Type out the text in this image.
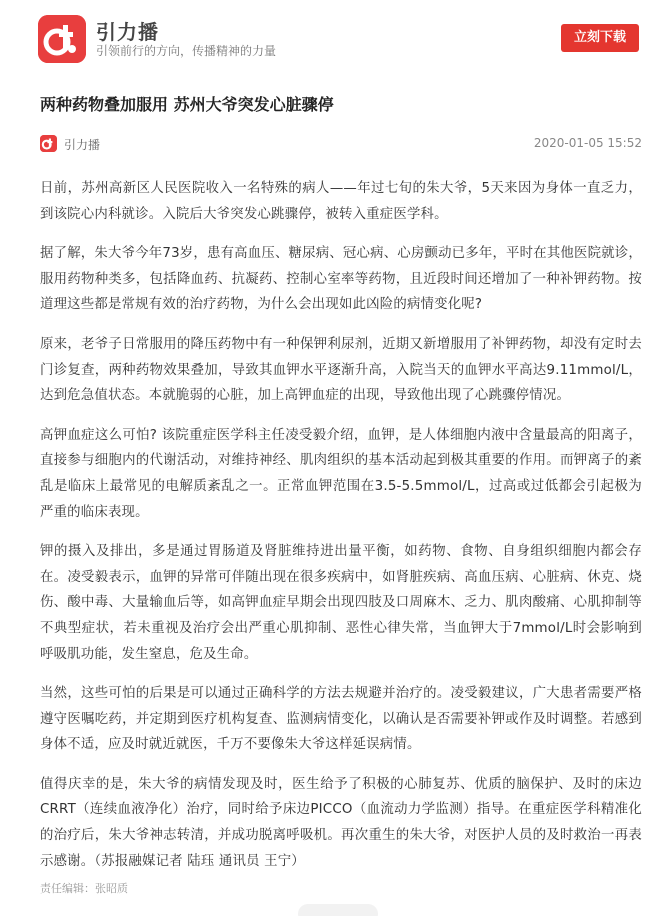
引力播
引领前行的方向，传播精神的力量
立刻下载
两种药物叠加服用 苏州大爷突发心脏骤停
引力播	2020-01-05 15:52

日前，苏州高新区人民医院收入一名特殊的病人——年过七旬的朱大爷，5天来因为身体一直乏力，到该院心内科就诊。入院后大爷突发心跳骤停，被转入重症医学科。

据了解，朱大爷今年73岁，患有高血压、糖尿病、冠心病、心房颤动已多年，平时在其他医院就诊，服用药物种类多，包括降血药、抗凝药、控制心室率等药物，且近段时间还增加了一种补钾药物。按道理这些都是常规有效的治疗药物，为什么会出现如此凶险的病情变化呢?

原来，老爷子日常服用的降压药物中有一种保钾利尿剂，近期又新增服用了补钾药物，却没有定时去门诊复查，两种药物效果叠加，导致其血钾水平逐渐升高，入院当天的血钾水平高达9.11mmol/L，达到危急值状态。本就脆弱的心脏，加上高钾血症的出现，导致他出现了心跳骤停情况。

高钾血症这么可怕? 该院重症医学科主任凌受毅介绍，血钾，是人体细胞内液中含量最高的阳离子，直接参与细胞内的代谢活动，对维持神经、肌肉组织的基本活动起到极其重要的作用。而钾离子的紊乱是临床上最常见的电解质紊乱之一。正常血钾范围在3.5-5.5mmol/L，过高或过低都会引起极为严重的临床表现。

钾的摄入及排出，多是通过胃肠道及肾脏维持进出量平衡，如药物、食物、自身组织细胞内都会存在。凌受毅表示，血钾的异常可伴随出现在很多疾病中，如肾脏疾病、高血压病、心脏病、休克、烧伤、酸中毒、大量输血后等，如高钾血症早期会出现四肢及口周麻木、乏力、肌肉酸痛、心肌抑制等不典型症状，若未重视及治疗会出严重心肌抑制、恶性心律失常，当血钾大于7mmol/L时会影响到呼吸肌功能，发生窒息，危及生命。

当然，这些可怕的后果是可以通过正确科学的方法去规避并治疗的。凌受毅建议，广大患者需要严格遵守医嘱吃药，并定期到医疗机构复查、监测病情变化，以确认是否需要补钾或作及时调整。若感到身体不适，应及时就近就医，千万不要像朱大爷这样延误病情。

值得庆幸的是，朱大爷的病情发现及时，医生给予了积极的心肺复苏、优质的脑保护、及时的床边CRRT（连续血液净化）治疗，同时给予床边PICCO（血流动力学监测）指导。在重症医学科精准化的治疗后，朱大爷神志转清，并成功脱离呼吸机。再次重生的朱大爷，对医护人员的及时救治一再表示感谢。（苏报融媒记者 陆珏 通讯员 王宁）

责任编辑：张昭质
